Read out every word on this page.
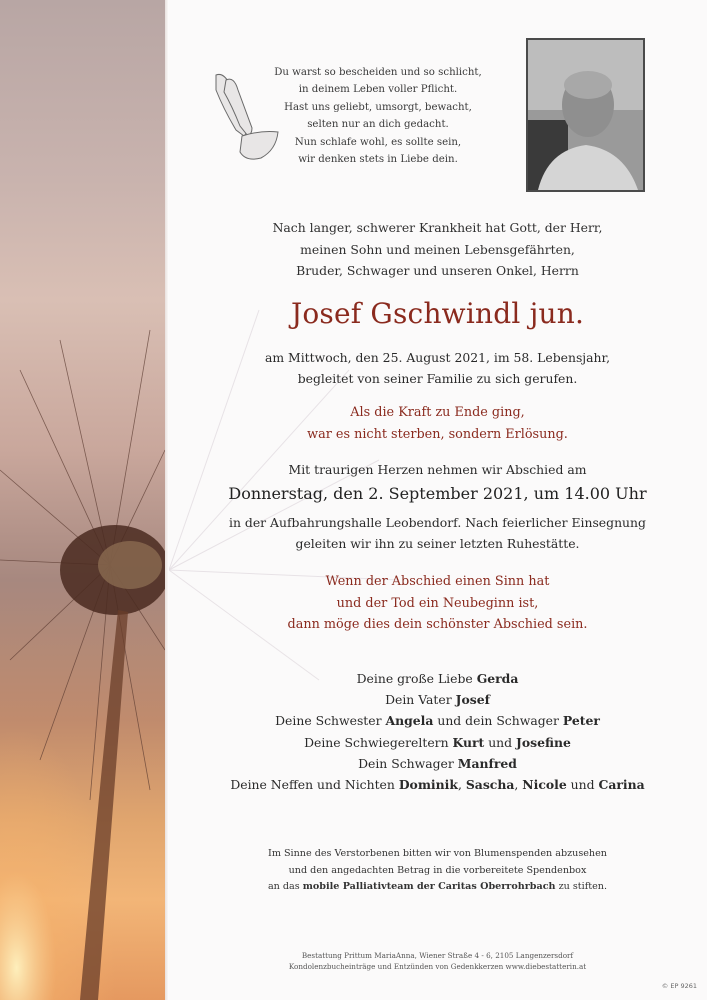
Du warst so bescheiden und so schlicht,
in deinem Leben voller Pflicht.
Hast uns geliebt, umsorgt, bewacht,
selten nur an dich gedacht.
Nun schlafe wohl, es sollte sein,
wir denken stets in Liebe dein.
Nach langer, schwerer Krankheit hat Gott, der Herr,
meinen Sohn und meinen Lebensgefährten,
Bruder, Schwager und unseren Onkel, Herrn
Josef Gschwindl jun.
am Mittwoch, den 25. August 2021, im 58. Lebensjahr,
begleitet von seiner Familie zu sich gerufen.
Als die Kraft zu Ende ging,
war es nicht sterben, sondern Erlösung.
Mit traurigen Herzen nehmen wir Abschied am
Donnerstag, den 2. September 2021, um 14.00 Uhr
in der Aufbahrungshalle Leobendorf. Nach feierlicher Einsegnung
geleiten wir ihn zu seiner letzten Ruhestätte.
Wenn der Abschied einen Sinn hat
und der Tod ein Neubeginn ist,
dann möge dies dein schönster Abschied sein.
Deine große Liebe Gerda
Dein Vater Josef
Deine Schwester Angela und dein Schwager Peter
Deine Schwiegereltern Kurt und Josefine
Dein Schwager Manfred
Deine Neffen und Nichten Dominik, Sascha, Nicole und Carina
Im Sinne des Verstorbenen bitten wir von Blumenspenden abzusehen
und den angedachten Betrag in die vorbereitete Spendenbox
an das mobile Palliativteam der Caritas Oberrohrbach zu stiften.
Bestattung Prittum MariaAnna, Wiener Straße 4 - 6, 2105 Langenzersdorf
Kondolenzbucheinträge und Entzünden von Gedenkkerzen www.diebestatterin.at
© EP 9261
